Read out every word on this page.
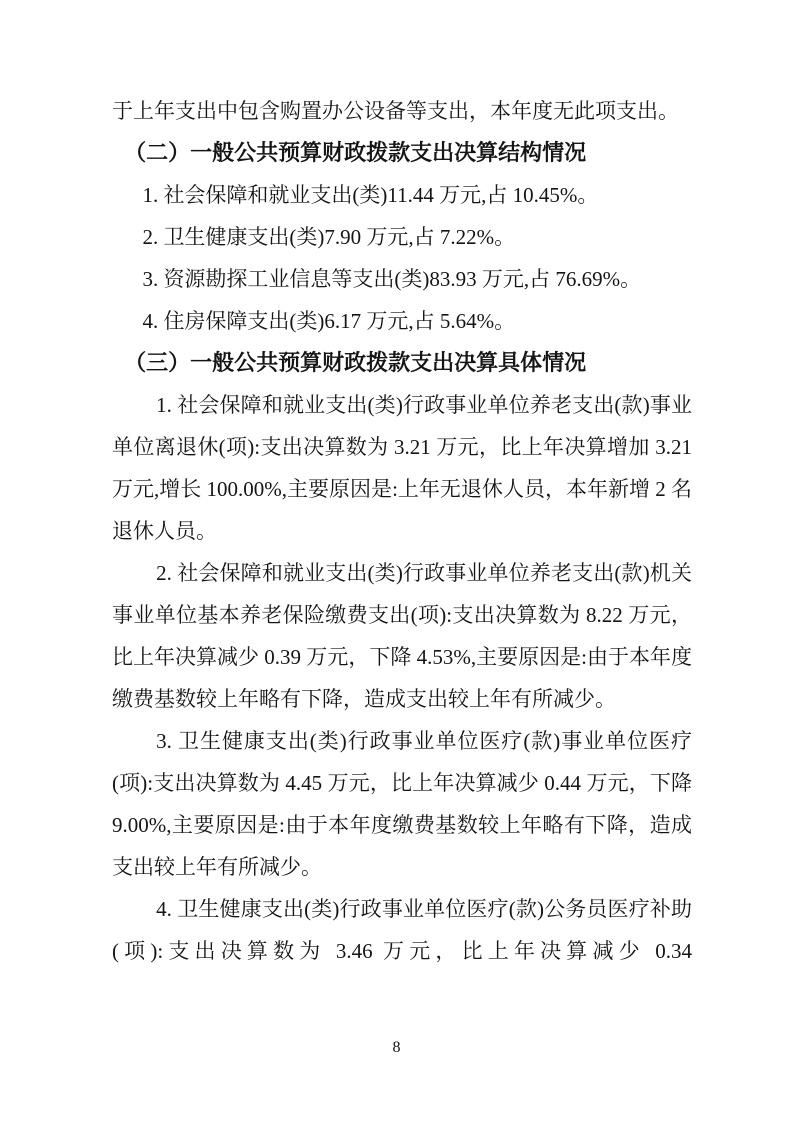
于上年支出中包含购置办公设备等支出，本年度无此项支出。

（二）一般公共预算财政拨款支出决算结构情况

1. 社会保障和就业支出(类)11.44 万元,占 10.45%。

2. 卫生健康支出(类)7.90 万元,占 7.22%。

3. 资源勘探工业信息等支出(类)83.93 万元,占 76.69%。

4. 住房保障支出(类)6.17 万元,占 5.64%。

（三）一般公共预算财政拨款支出决算具体情况

1. 社会保障和就业支出(类)行政事业单位养老支出(款)事业单位离退休(项):支出决算数为 3.21 万元，比上年决算增加 3.21 万元,增长 100.00%,主要原因是:上年无退休人员，本年新增 2 名退休人员。

2. 社会保障和就业支出(类)行政事业单位养老支出(款)机关事业单位基本养老保险缴费支出(项):支出决算数为 8.22 万元，比上年决算减少 0.39 万元，下降 4.53%,主要原因是:由于本年度缴费基数较上年略有下降，造成支出较上年有所减少。

3. 卫生健康支出(类)行政事业单位医疗(款)事业单位医疗(项):支出决算数为 4.45 万元，比上年决算减少 0.44 万元，下降 9.00%,主要原因是:由于本年度缴费基数较上年略有下降，造成支出较上年有所减少。

4. 卫生健康支出(类)行政事业单位医疗(款)公务员医疗补助(项):支出决算数为 3.46 万元，比上年决算减少 0.34

8
